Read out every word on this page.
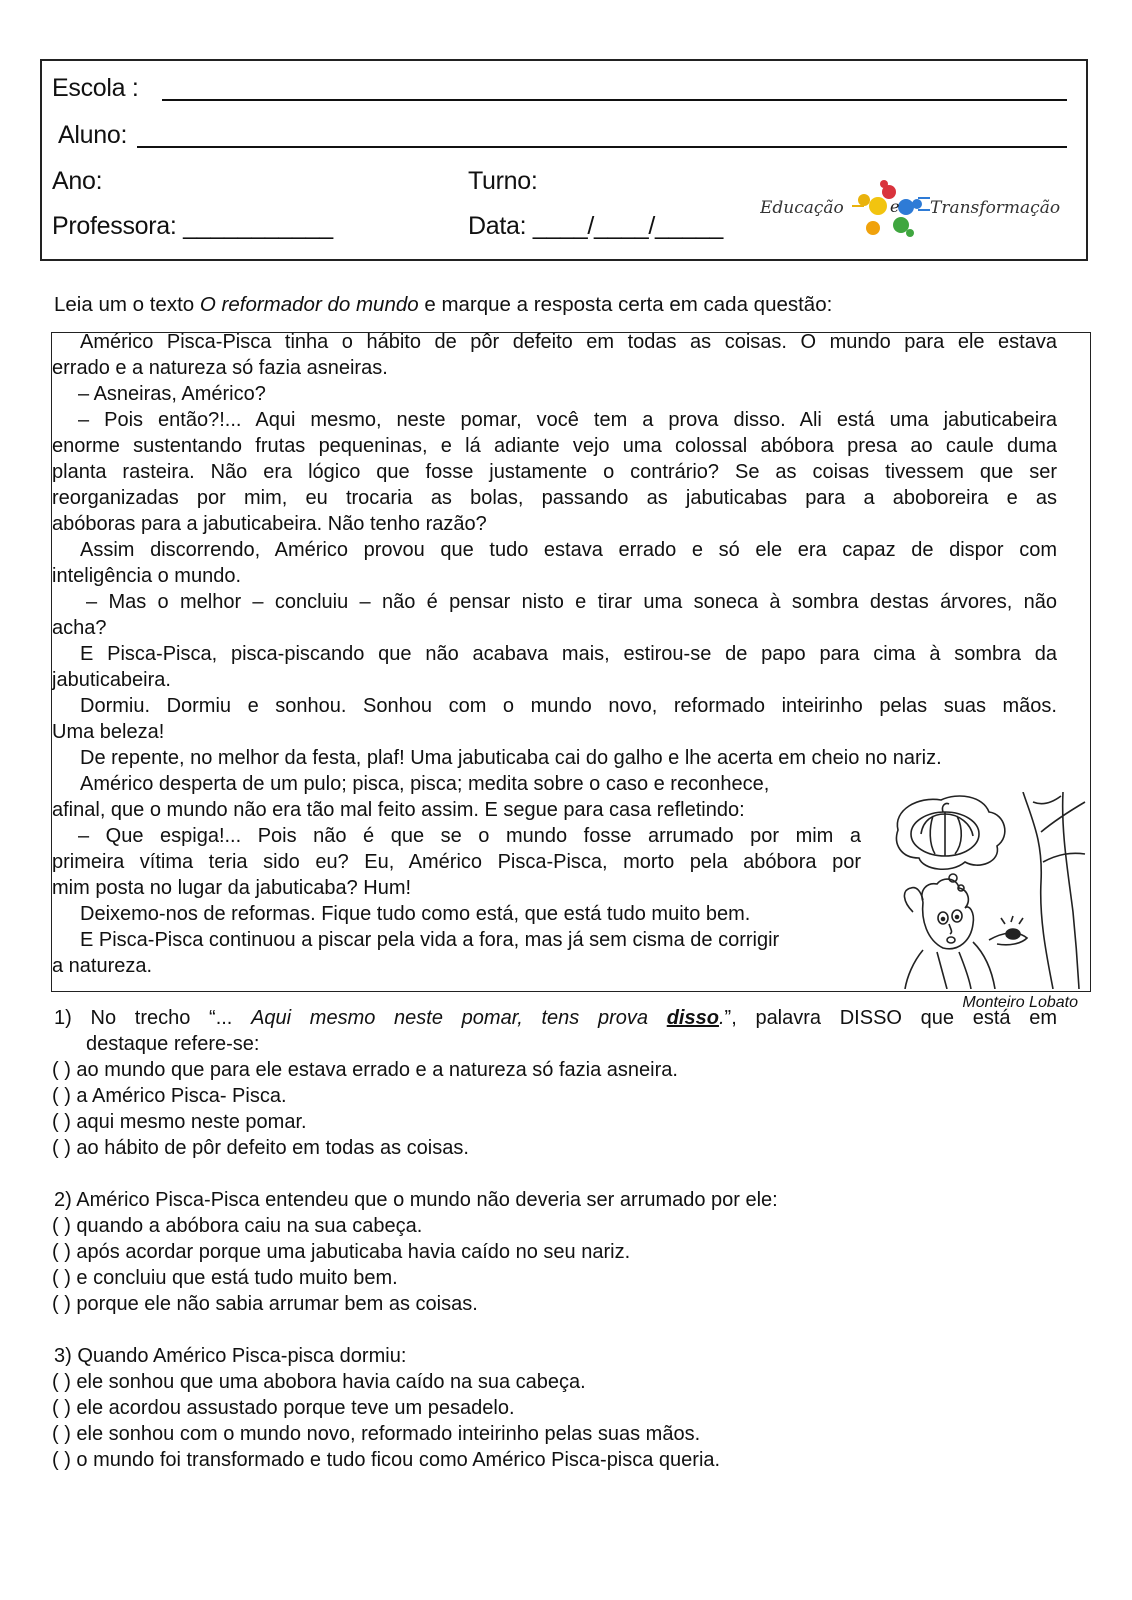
Escola :
Aluno:
Ano:	Turno:
Professora: ___________	Data: ____/____/_____
Educação	e Transformação
Leia um o texto O reformador do mundo e marque a resposta certa em cada questão:
Américo Pisca-Pisca tinha o hábito de pôr defeito em todas as coisas. O mundo para ele estava
errado e a natureza só fazia asneiras.
– Asneiras, Américo?
– Pois então?!... Aqui mesmo, neste pomar, você tem a prova disso. Ali está uma jabuticabeira
enorme sustentando frutas pequeninas, e lá adiante vejo uma colossal abóbora presa ao caule duma
planta rasteira. Não era lógico que fosse justamente o contrário? Se as coisas tivessem que ser
reorganizadas por mim, eu trocaria as bolas, passando as jabuticabas para a aboboreira e as
abóboras para a jabuticabeira. Não tenho razão?
Assim discorrendo, Américo provou que tudo estava errado e só ele era capaz de dispor com
inteligência o mundo.
– Mas o melhor – concluiu – não é pensar nisto e tirar uma soneca à sombra destas árvores, não
acha?
E Pisca-Pisca, pisca-piscando que não acabava mais, estirou-se de papo para cima à sombra da
jabuticabeira.
Dormiu. Dormiu e sonhou. Sonhou com o mundo novo, reformado inteirinho pelas suas mãos.
Uma beleza!
De repente, no melhor da festa, plaf! Uma jabuticaba cai do galho e lhe acerta em cheio no nariz.
Américo desperta de um pulo; pisca, pisca; medita sobre o caso e reconhece,
afinal, que o mundo não era tão mal feito assim. E segue para casa refletindo:
– Que espiga!... Pois não é que se o mundo fosse arrumado por mim a
primeira vítima teria sido eu? Eu, Américo Pisca-Pisca, morto pela abóbora por
mim posta no lugar da jabuticaba? Hum!
Deixemo-nos de reformas. Fique tudo como está, que está tudo muito bem.
E Pisca-Pisca continuou a piscar pela vida a fora, mas já sem cisma de corrigir
a natureza.
Monteiro Lobato
1) No trecho “... Aqui mesmo neste pomar, tens prova disso.”, palavra DISSO que está em
destaque refere-se:
( ) ao mundo que para ele estava errado e a natureza só fazia asneira.
( ) a Américo Pisca- Pisca.
( ) aqui mesmo neste pomar.
( ) ao hábito de pôr defeito em todas as coisas.
2) Américo Pisca-Pisca entendeu que o mundo não deveria ser arrumado por ele:
( ) quando a abóbora caiu na sua cabeça.
( ) após acordar porque uma jabuticaba havia caído no seu nariz.
( ) e concluiu que está tudo muito bem.
( ) porque ele não sabia arrumar bem as coisas.
3) Quando Américo Pisca-pisca dormiu:
( ) ele sonhou que uma abobora havia caído na sua cabeça.
( ) ele acordou assustado porque teve um pesadelo.
( ) ele sonhou com o mundo novo, reformado inteirinho pelas suas mãos.
( ) o mundo foi transformado e tudo ficou como Américo Pisca-pisca queria.
